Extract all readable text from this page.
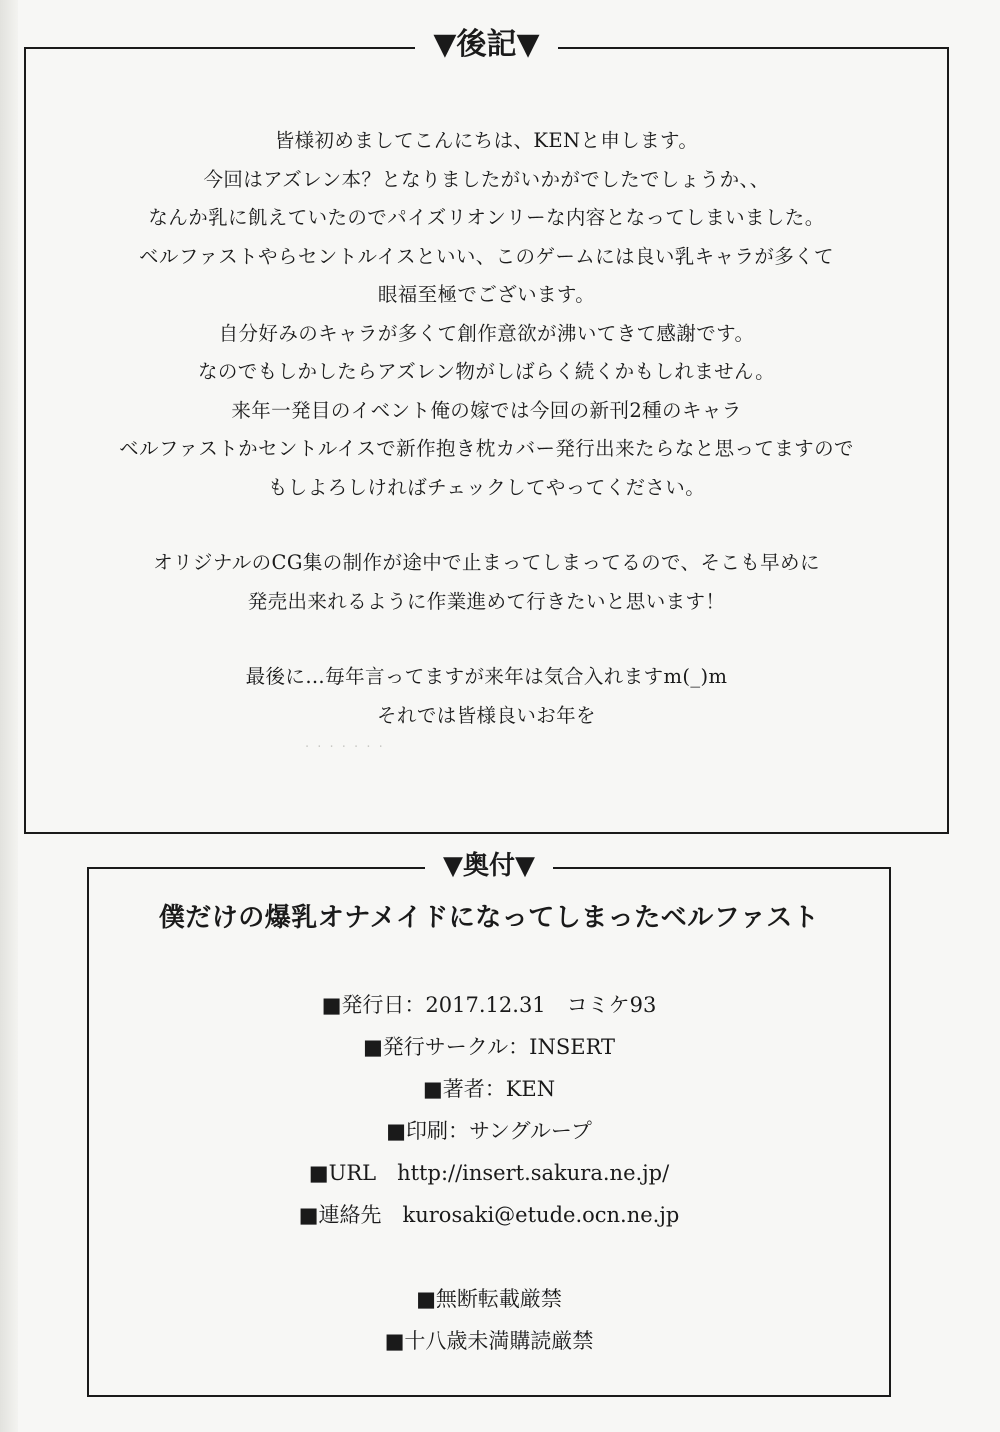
▼後記▼
皆様初めましてこんにちは、KENと申します。
今回はアズレン本？となりましたがいかがでしたでしょうか、、
なんか乳に飢えていたのでパイズリオンリーな内容となってしまいました。
ベルファストやらセントルイスといい、このゲームには良い乳キャラが多くて
眼福至極でございます。
自分好みのキャラが多くて創作意欲が沸いてきて感謝です。
なのでもしかしたらアズレン物がしばらく続くかもしれません。
来年一発目のイベント俺の嫁では今回の新刊2種のキャラ
ベルファストかセントルイスで新作抱き枕カバー発行出来たらなと思ってますので
もしよろしければチェックしてやってください。
オリジナルのCG集の制作が途中で止まってしまってるので、そこも早めに
発売出来れるように作業進めて行きたいと思います！
最後に…毎年言ってますが来年は気合入れますm(_)m
それでは皆様良いお年を
· · · · · · ·
▼奥付▼
僕だけの爆乳オナメイドになってしまったベルファスト
■発行日：2017.12.31　コミケ93
■発行サークル：INSERT
■著者：KEN
■印刷：サングループ
■URL　http://insert.sakura.ne.jp/
■連絡先　kurosaki@etude.ocn.ne.jp
■無断転載厳禁
■十八歳未満購読厳禁
